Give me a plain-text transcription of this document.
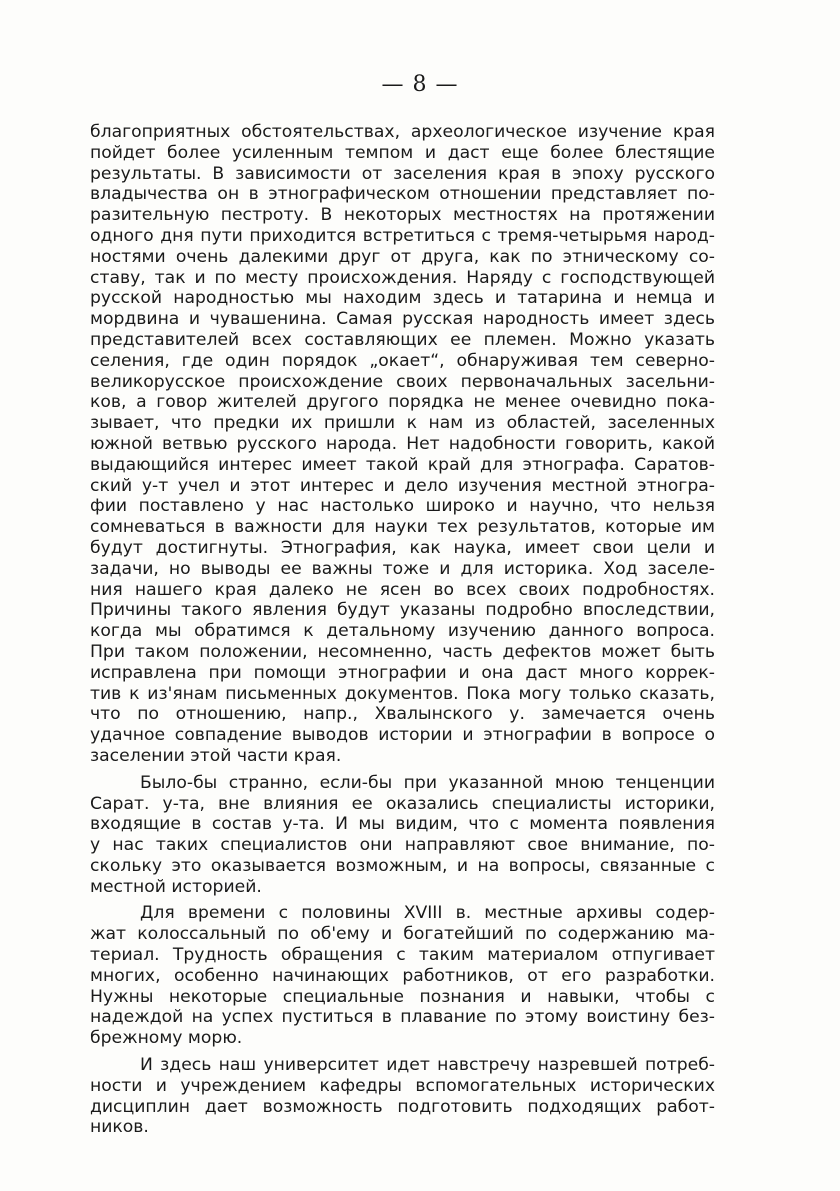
— 8 —
благоприятных обстоятельствах, археологическое изучение края
пойдет более усиленным темпом и даст еще более блестящие
результаты. В зависимости от заселения края в эпоху русского
владычества он в этнографическом отношении представляет по-
разительную пестроту. В некоторых местностях на протяжении
одного дня пути приходится встретиться с тремя-четырьмя народ-
ностями очень далекими друг от друга, как по этническому со-
ставу, так и по месту происхождения. Наряду с господствующей
русской народностью мы находим здесь и татарина и немца и
мордвина и чувашенина. Самая русская народность имеет здесь
представителей всех составляющих ее племен. Можно указать
селения, где один порядок „окает“, обнаруживая тем северно-
великорусское происхождение своих первоначальных засельни-
ков, а говор жителей другого порядка не менее очевидно пока-
зывает, что предки их пришли к нам из областей, заселенных
южной ветвью русского народа. Нет надобности говорить, какой
выдающийся интерес имеет такой край для этнографа. Саратов-
ский у-т учел и этот интерес и дело изучения местной этногра-
фии поставлено у нас настолько широко и научно, что нельзя
сомневаться в важности для науки тех результатов, которые им
будут достигнуты. Этнография, как наука, имеет свои цели и
задачи, но выводы ее важны тоже и для историка. Ход заселе-
ния нашего края далеко не ясен во всех своих подробностях.
Причины такого явления будут указаны подробно впоследствии,
когда мы обратимся к детальному изучению данного вопроса.
При таком положении, несомненно, часть дефектов может быть
исправлена при помощи этнографии и она даст много коррек-
тив к из'янам письменных документов. Пока могу только сказать,
что по отношению, напр., Хвалынского у. замечается очень
удачное совпадение выводов истории и этнографии в вопросе о
заселении этой части края.
Было-бы странно, если-бы при указанной мною тенценции
Сарат. у-та, вне влияния ее оказались специалисты историки,
входящие в состав у-та. И мы видим, что с момента появления
у нас таких специалистов они направляют свое внимание, по-
скольку это оказывается возможным, и на вопросы, связанные с
местной историей.
Для времени с половины XVIII в. местные архивы содер-
жат колоссальный по об'ему и богатейший по содержанию ма-
териал. Трудность обращения с таким материалом отпугивает
многих, особенно начинающих работников, от его разработки.
Нужны некоторые специальные познания и навыки, чтобы с
надеждой на успех пуститься в плавание по этому воистину без-
брежному морю.
И здесь наш университет идет навстречу назревшей потреб-
ности и учреждением кафедры вспомогательных исторических
дисциплин дает возможность подготовить подходящих работ-
ников.
